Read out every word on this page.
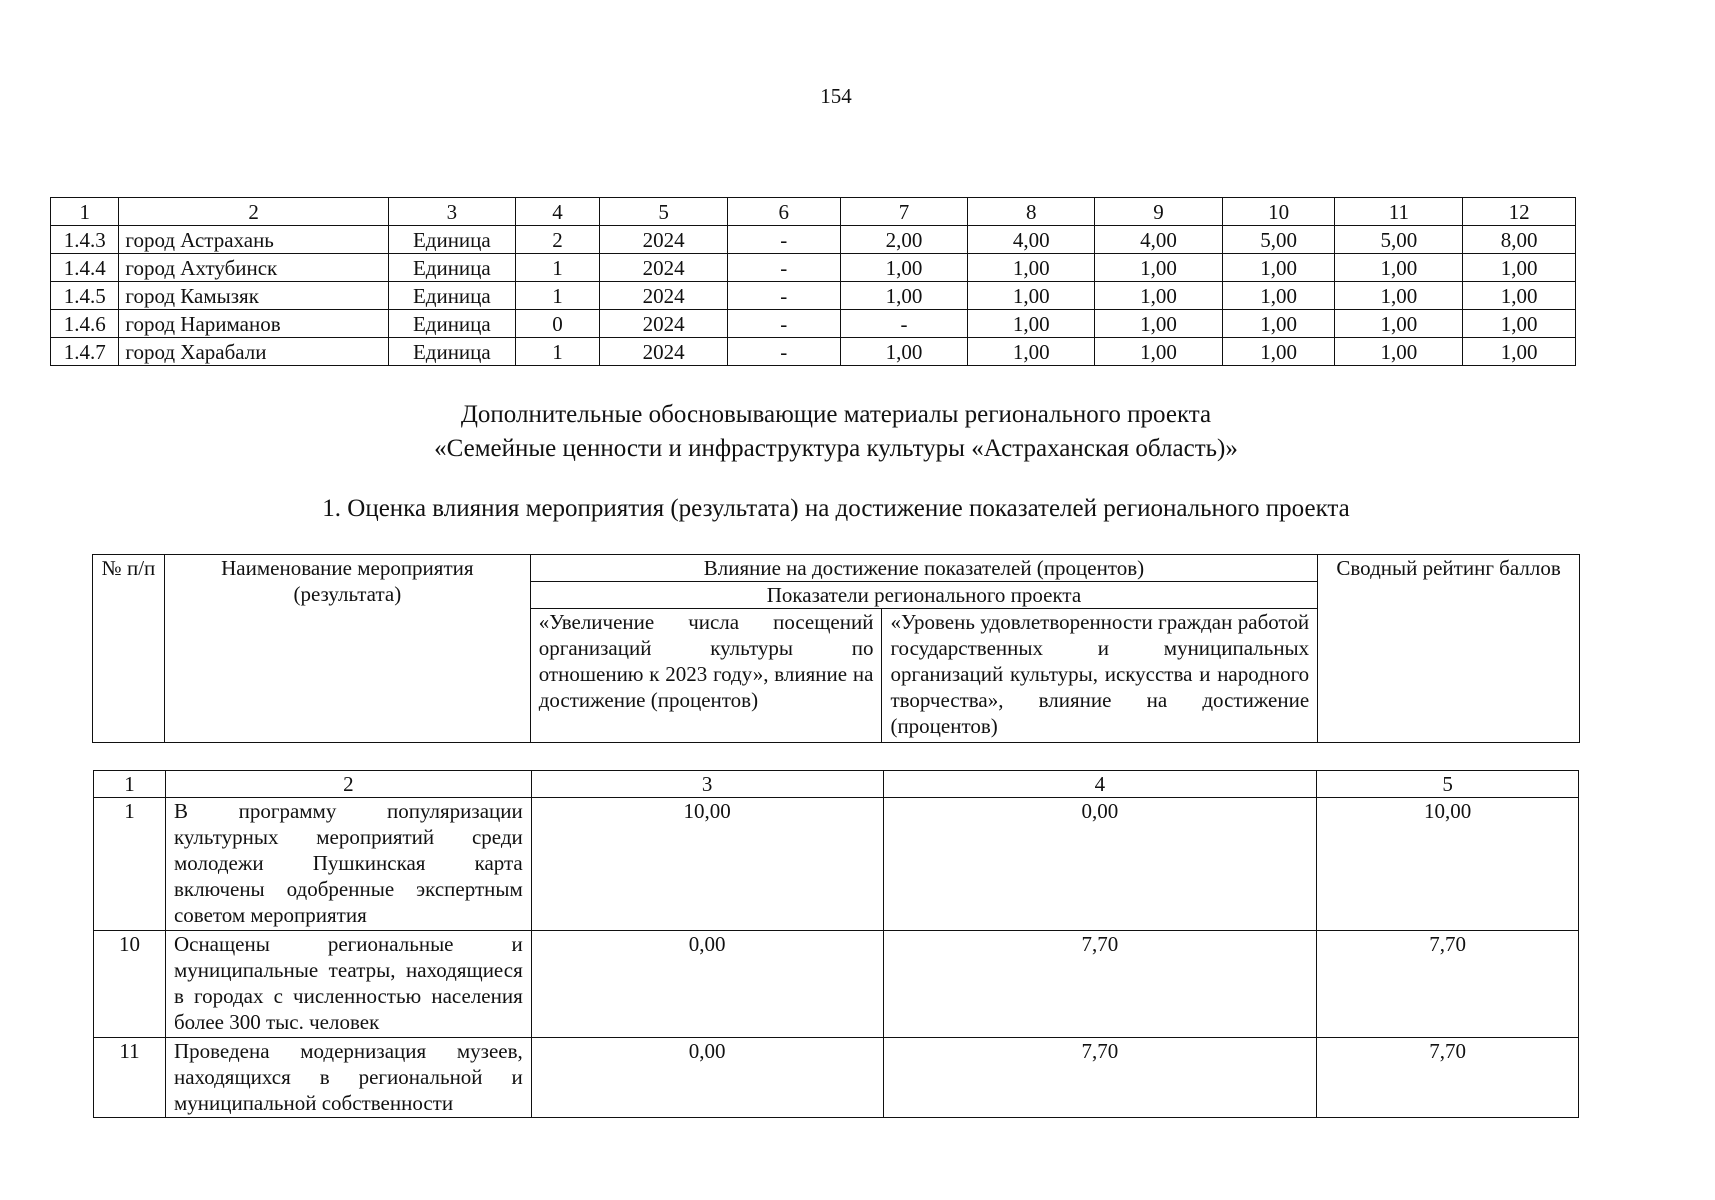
154
1	2	3	4	5	6	7	8	9	10	11	12
1.4.3	город Астрахань	Единица	2	2024	-	2,00	4,00	4,00	5,00	5,00	8,00
1.4.4	город Ахтубинск	Единица	1	2024	-	1,00	1,00	1,00	1,00	1,00	1,00
1.4.5	город Камызяк	Единица	1	2024	-	1,00	1,00	1,00	1,00	1,00	1,00
1.4.6	город Нариманов	Единица	0	2024	-	-	1,00	1,00	1,00	1,00	1,00
1.4.7	город Харабали	Единица	1	2024	-	1,00	1,00	1,00	1,00	1,00	1,00
Дополнительные обосновывающие материалы регионального проекта
«Семейные ценности и инфраструктура культуры «Астраханская область)»
1. Оценка влияния мероприятия (результата) на достижение показателей регионального проекта
№ п/п	Наименование мероприятия (результата)	Влияние на достижение показателей (процентов)		Сводный рейтинг баллов
		Показатели регионального проекта		
		«Увеличение числа посещений организаций культуры по отношению к 2023 году», влияние на достижение (процентов)	«Уровень удовлетворенности граждан работой государственных и муниципальных организаций культуры, искусства и народного творчества», влияние на достижение (процентов)	
1	2	3	4	5
1	В программу популяризации культурных мероприятий среди молодежи Пушкинская карта включены одобренные экспертным советом мероприятия	10,00	0,00	10,00
10	Оснащены региональные и муниципальные театры, находящиеся в городах с численностью населения более 300 тыс. человек	0,00	7,70	7,70
11	Проведена модернизация музеев, находящихся в региональной и муниципальной собственности	0,00	7,70	7,70
